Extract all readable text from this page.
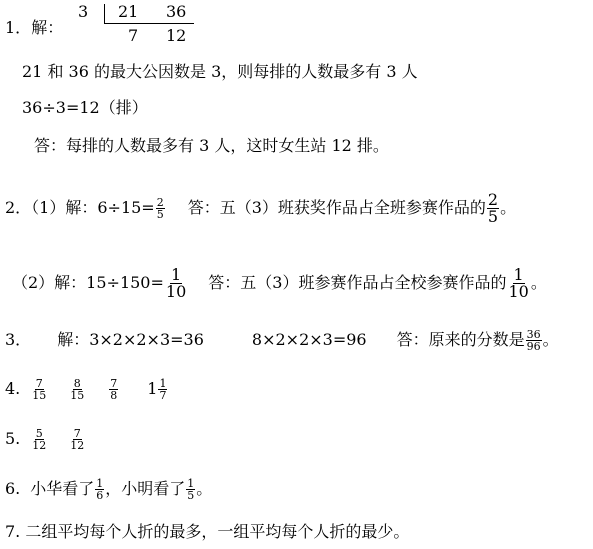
1．解：
3 21 36
7 12
21 和 36 的最大公因数是 3，则每排的人数最多有 3 人
36÷3=12（排）
答：每排的人数最多有 3 人，这时女生站 12 排。
2．（1）解：$6\div 15= \frac{2}{5}$ 答：五（3）班获奖作品占全班参赛作品的 $\frac{2}{5}$ 。
（2）解：$15\div 150= \frac{1}{10}$ 答：五（3）班参赛作品占全校参赛作品的 $\frac{1}{10}$ 。
3． 解：3×2×2×3=36	8×2×2×3=96 答：原来的分数是 $\frac{36}{96}$ 。
4. $\frac{7}{15} \frac{8}{15} \frac{7}{8} 1 \frac{1}{7}$
5. $\frac{5}{12} \frac{7}{12}$
6. 小华看了 $\frac{1}{6}$ ，小明看了 $\frac{1}{5}$ 。
7. 二组平均每个人折的最多，一组平均每个人折的最少。
